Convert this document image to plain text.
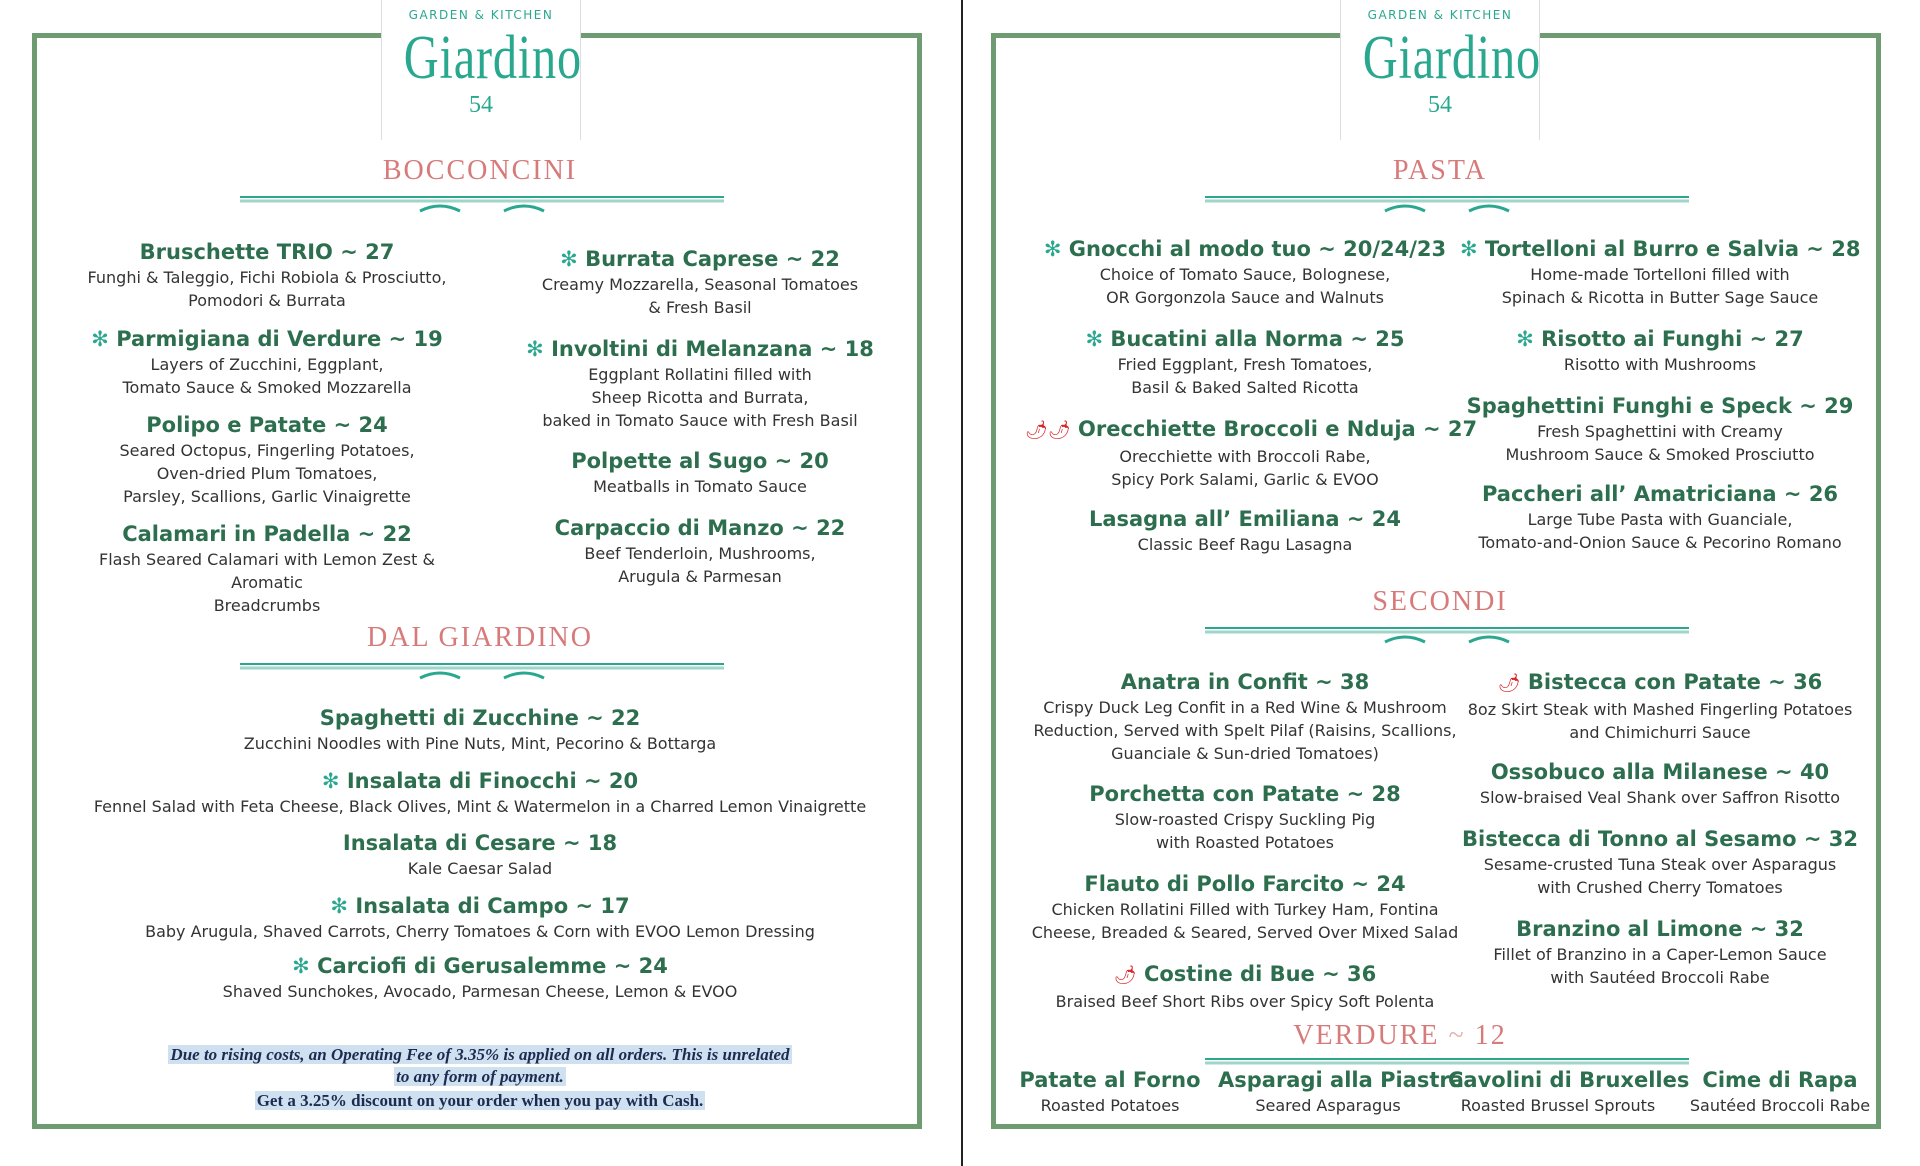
GARDEN & KITCHEN
Giardino
54
BOCCONCINI
Bruschette TRIO ~ 27
Funghi & Taleggio, Fichi Robiola & Prosciutto,
Pomodori & Burrata
✻ Parmigiana di Verdure ~ 19
Layers of Zucchini, Eggplant,
Tomato Sauce & Smoked Mozzarella
Polipo e Patate ~ 24
Seared Octopus, Fingerling Potatoes,
Oven-dried Plum Tomatoes,
Parsley, Scallions, Garlic Vinaigrette
Calamari in Padella ~ 22
Flash Seared Calamari with Lemon Zest & Aromatic
Breadcrumbs
✻ Burrata Caprese ~ 22
Creamy Mozzarella, Seasonal Tomatoes
& Fresh Basil
✻ Involtini di Melanzana ~ 18
Eggplant Rollatini filled with
Sheep Ricotta and Burrata,
baked in Tomato Sauce with Fresh Basil
Polpette al Sugo ~ 20
Meatballs in Tomato Sauce
Carpaccio di Manzo ~ 22
Beef Tenderloin, Mushrooms,
Arugula & Parmesan
DAL GIARDINO
Spaghetti di Zucchine ~ 22
Zucchini Noodles with Pine Nuts, Mint, Pecorino & Bottarga
✻ Insalata di Finocchi ~ 20
Fennel Salad with Feta Cheese, Black Olives, Mint & Watermelon in a Charred Lemon Vinaigrette
Insalata di Cesare ~ 18
Kale Caesar Salad
✻ Insalata di Campo ~ 17
Baby Arugula, Shaved Carrots, Cherry Tomatoes & Corn with EVOO Lemon Dressing
✻ Carciofi di Gerusalemme ~ 24
Shaved Sunchokes, Avocado, Parmesan Cheese, Lemon & EVOO
Due to rising costs, an Operating Fee of 3.35% is applied on all orders. This is unrelated
to any form of payment.
Get a 3.25% discount on your order when you pay with Cash.
GARDEN & KITCHEN
Giardino
54
PASTA
✻ Gnocchi al modo tuo ~ 20/24/23
Choice of Tomato Sauce, Bolognese,
OR Gorgonzola Sauce and Walnuts
✻ Bucatini alla Norma ~ 25
Fried Eggplant, Fresh Tomatoes,
Basil & Baked Salted Ricotta
🌶🌶 Orecchiette Broccoli e Nduja ~ 27
Orecchiette with Broccoli Rabe,
Spicy Pork Salami, Garlic & EVOO
Lasagna all’ Emiliana ~ 24
Classic Beef Ragu Lasagna
✻ Tortelloni al Burro e Salvia ~ 28
Home-made Tortelloni filled with
Spinach & Ricotta in Butter Sage Sauce
✻ Risotto ai Funghi ~ 27
Risotto with Mushrooms
Spaghettini Funghi e Speck ~ 29
Fresh Spaghettini with Creamy
Mushroom Sauce & Smoked Prosciutto
Paccheri all’ Amatriciana ~ 26
Large Tube Pasta with Guanciale,
Tomato-and-Onion Sauce & Pecorino Romano
SECONDI
Anatra in Confit ~ 38
Crispy Duck Leg Confit in a Red Wine & Mushroom
Reduction, Served with Spelt Pilaf (Raisins, Scallions,
Guanciale & Sun-dried Tomatoes)
Porchetta con Patate ~ 28
Slow-roasted Crispy Suckling Pig
with Roasted Potatoes
Flauto di Pollo Farcito ~ 24
Chicken Rollatini Filled with Turkey Ham, Fontina
Cheese, Breaded & Seared, Served Over Mixed Salad
🌶 Costine di Bue ~ 36
Braised Beef Short Ribs over Spicy Soft Polenta
🌶 Bistecca con Patate ~ 36
8oz Skirt Steak with Mashed Fingerling Potatoes
and Chimichurri Sauce
Ossobuco alla Milanese ~ 40
Slow-braised Veal Shank over Saffron Risotto
Bistecca di Tonno al Sesamo ~ 32
Sesame-crusted Tuna Steak over Asparagus
with Crushed Cherry Tomatoes
Branzino al Limone ~ 32
Fillet of Branzino in a Caper-Lemon Sauce
with Sautéed Broccoli Rabe
VERDURE ~ 12
Patate al Forno
Roasted Potatoes
Asparagi alla Piastra
Seared Asparagus
Cavolini di Bruxelles
Roasted Brussel Sprouts
Cime di Rapa
Sautéed Broccoli Rabe
